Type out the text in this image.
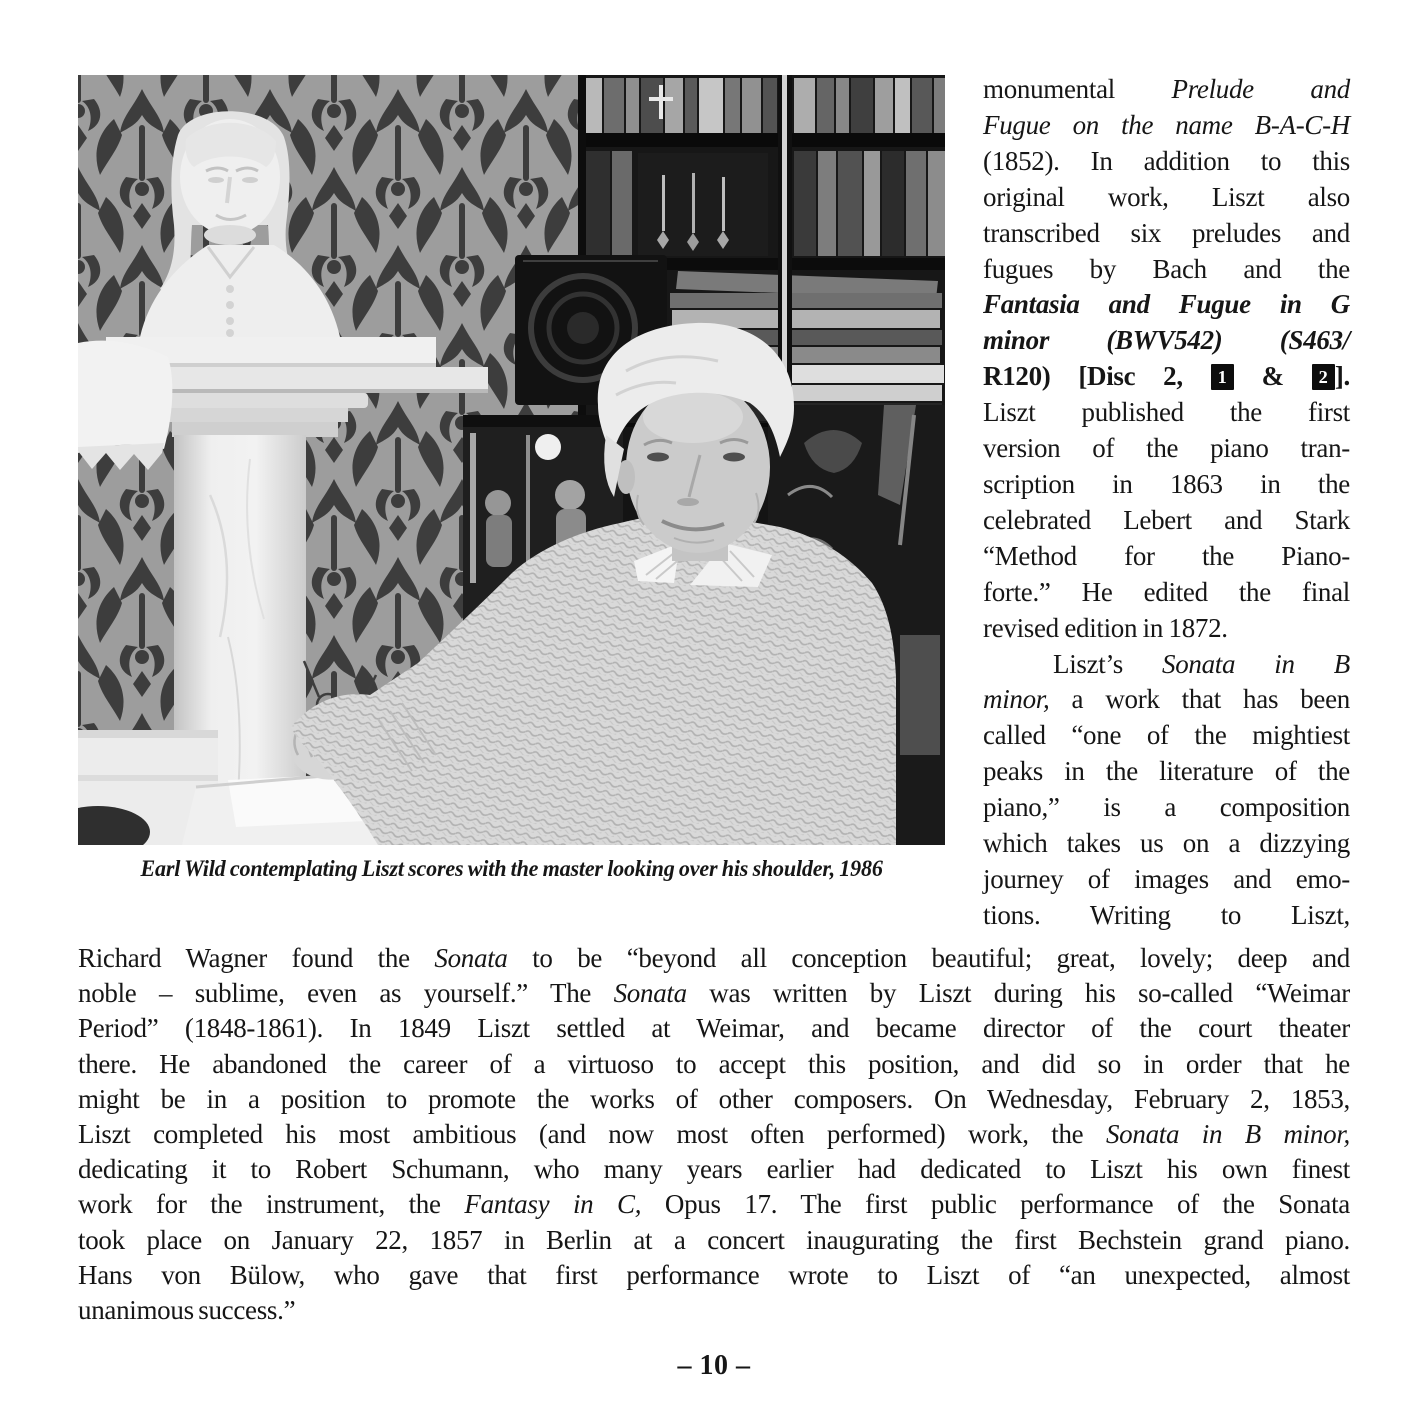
Earl Wild contemplating Liszt scores with the master looking over his shoulder, 1986
monumental Prelude and
Fugue on the name B-A-C-H
(1852). In addition to this
original work, Liszt also
transcribed six preludes and
fugues by Bach and the
Fantasia and Fugue in G
minor (BWV542) (S463/
R120) [Disc 2, 1 & 2 ].
Liszt published the first
version of the piano tran-
scription in 1863 in the
celebrated Lebert and Stark
“Method for the Piano-
forte.” He edited the final
revised edition in 1872.
Liszt’s Sonata in B
minor, a work that has been
called “one of the mightiest
peaks in the literature of the
piano,” is a composition
which takes us on a dizzying
journey of images and emo-
tions. Writing to Liszt,
Richard Wagner found the Sonata to be “beyond all conception beautiful; great, lovely; deep and
noble – sublime, even as yourself.” The Sonata was written by Liszt during his so-called “Weimar
Period” (1848-1861). In 1849 Liszt settled at Weimar, and became director of the court theater
there. He abandoned the career of a virtuoso to accept this position, and did so in order that he
might be in a position to promote the works of other composers. On Wednesday, February 2, 1853,
Liszt completed his most ambitious (and now most often performed) work, the Sonata in B minor,
dedicating it to Robert Schumann, who many years earlier had dedicated to Liszt his own finest
work for the instrument, the Fantasy in C, Opus 17. The first public performance of the Sonata
took place on January 22, 1857 in Berlin at a concert inaugurating the first Bechstein grand piano.
Hans von Bülow, who gave that first performance wrote to Liszt of “an unexpected, almost
unanimous success.”
– 10 –
